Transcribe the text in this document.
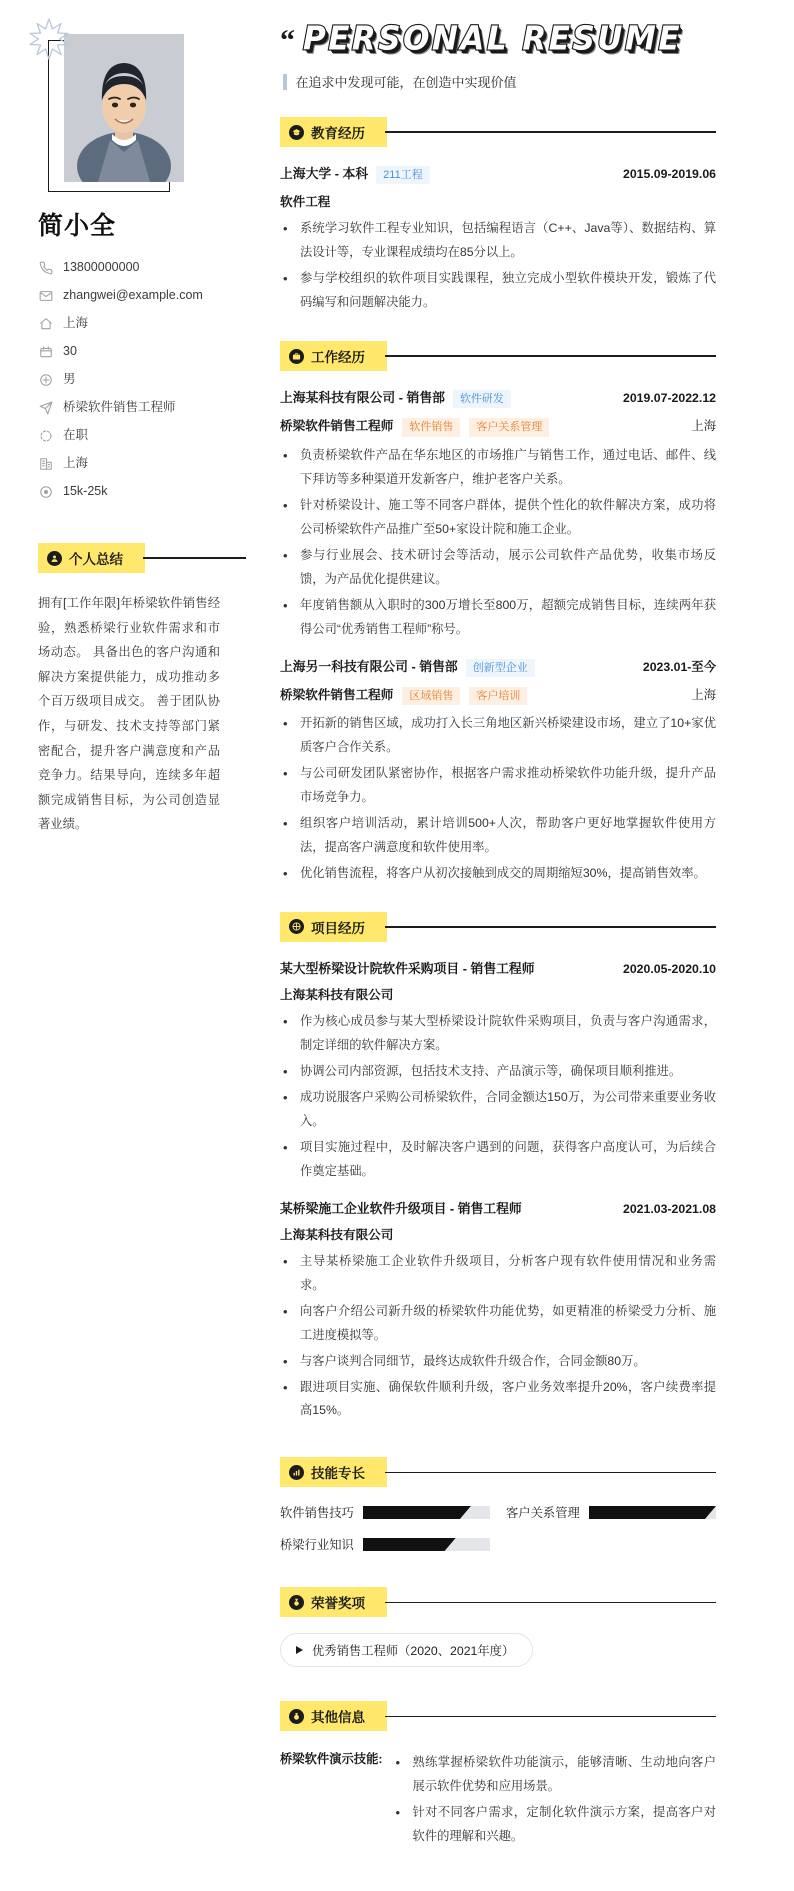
简小全
13800000000
zhangwei@example.com
上海
30
男
桥梁软件销售工程师
在职
上海
15k-25k
个人总结

拥有[工作年限]年桥梁软件销售经验，熟悉桥梁行业软件需求和市场动态。 具备出色的客户沟通和解决方案提供能力，成功推动多个百万级项目成交。 善于团队协作，与研发、技术支持等部门紧密配合，提升客户满意度和产品竞争力。结果导向，连续多年超额完成销售目标，为公司创造显著业绩。

“ PERSONAL RESUME
在追求中发现可能，在创造中实现价值
教育经历
上海大学 - 本科	211工程	2015.09-2019.06
软件工程
• 系统学习软件工程专业知识，包括编程语言（C++、Java等）、数据结构、算法设计等，专业课程成绩均在85分以上。
• 参与学校组织的软件项目实践课程，独立完成小型软件模块开发，锻炼了代码编写和问题解决能力。
工作经历
上海某科技有限公司 - 销售部	软件研发	2019.07-2022.12
桥梁软件销售工程师	软件销售	客户关系管理	上海
• 负责桥梁软件产品在华东地区的市场推广与销售工作，通过电话、邮件、线下拜访等多种渠道开发新客户，维护老客户关系。
• 针对桥梁设计、施工等不同客户群体，提供个性化的软件解决方案，成功将公司桥梁软件产品推广至50+家设计院和施工企业。
• 参与行业展会、技术研讨会等活动，展示公司软件产品优势，收集市场反馈，为产品优化提供建议。
• 年度销售额从入职时的300万增长至800万，超额完成销售目标，连续两年获得公司“优秀销售工程师”称号。
上海另一科技有限公司 - 销售部	创新型企业	2023.01-至今
桥梁软件销售工程师	区域销售	客户培训	上海
• 开拓新的销售区域，成功打入长三角地区新兴桥梁建设市场，建立了10+家优质客户合作关系。
• 与公司研发团队紧密协作，根据客户需求推动桥梁软件功能升级，提升产品市场竞争力。
• 组织客户培训活动，累计培训500+人次，帮助客户更好地掌握软件使用方法，提高客户满意度和软件使用率。
• 优化销售流程，将客户从初次接触到成交的周期缩短30%，提高销售效率。
项目经历
某大型桥梁设计院软件采购项目 - 销售工程师	2020.05-2020.10
上海某科技有限公司
• 作为核心成员参与某大型桥梁设计院软件采购项目，负责与客户沟通需求，制定详细的软件解决方案。
• 协调公司内部资源，包括技术支持、产品演示等，确保项目顺利推进。
• 成功说服客户采购公司桥梁软件，合同金额达150万，为公司带来重要业务收入。
• 项目实施过程中，及时解决客户遇到的问题，获得客户高度认可，为后续合作奠定基础。
某桥梁施工企业软件升级项目 - 销售工程师	2021.03-2021.08
上海某科技有限公司
• 主导某桥梁施工企业软件升级项目，分析客户现有软件使用情况和业务需求。
• 向客户介绍公司新升级的桥梁软件功能优势，如更精准的桥梁受力分析、施工进度模拟等。
• 与客户谈判合同细节，最终达成软件升级合作，合同金额80万。
• 跟进项目实施、确保软件顺利升级，客户业务效率提升20%，客户续费率提高15%。
技能专长
软件销售技巧	客户关系管理
桥梁行业知识
荣誉奖项
优秀销售工程师（2020、2021年度）
其他信息
桥梁软件演示技能:	• 熟练掌握桥梁软件功能演示，能够清晰、生动地向客户展示软件优势和应用场景。
• 针对不同客户需求，定制化软件演示方案，提高客户对软件的理解和兴趣。
